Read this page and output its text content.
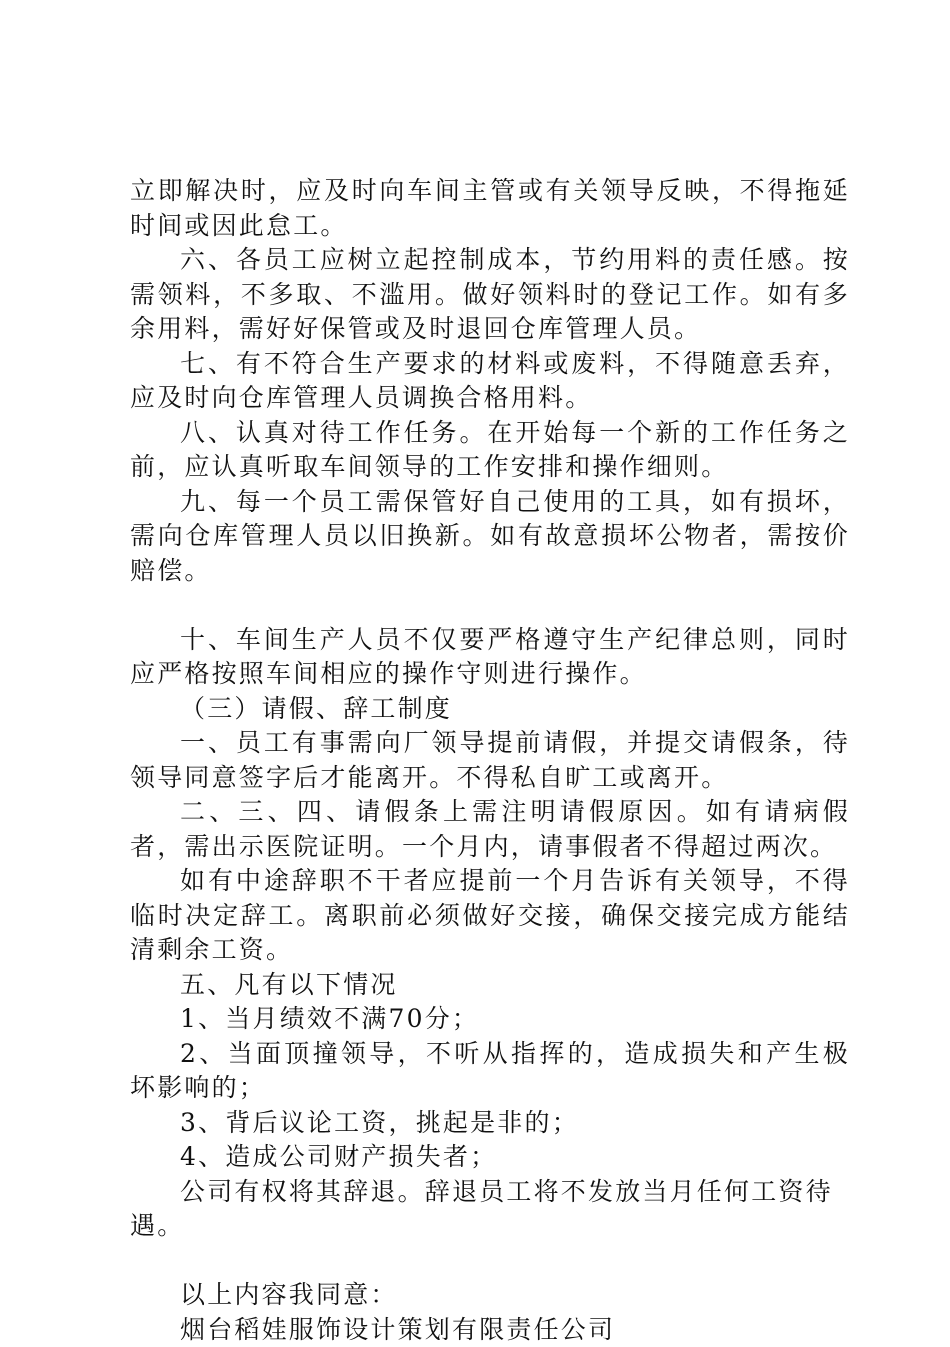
立即解决时，应及时向车间主管或有关领导反映，不得拖延时间或因此怠工。

六、各员工应树立起控制成本，节约用料的责任感。按需领料，不多取、不滥用。做好领料时的登记工作。如有多余用料，需好好保管或及时退回仓库管理人员。

七、有不符合生产要求的材料或废料，不得随意丢弃，应及时向仓库管理人员调换合格用料。

八、认真对待工作任务。在开始每一个新的工作任务之前，应认真听取车间领导的工作安排和操作细则。

九、每一个员工需保管好自己使用的工具，如有损坏，需向仓库管理人员以旧换新。如有故意损坏公物者，需按价赔偿。

十、车间生产人员不仅要严格遵守生产纪律总则，同时应严格按照车间相应的操作守则进行操作。

（三）请假、辞工制度

一、员工有事需向厂领导提前请假，并提交请假条，待领导同意签字后才能离开。不得私自旷工或离开。

二、三、四、请假条上需注明请假原因。如有请病假者，需出示医院证明。一个月内，请事假者不得超过两次。

如有中途辞职不干者应提前一个月告诉有关领导，不得临时决定辞工。离职前必须做好交接，确保交接完成方能结清剩余工资。

五、凡有以下情况

1、当月绩效不满70分；

2、当面顶撞领导，不听从指挥的，造成损失和产生极坏影响的；

3、背后议论工资，挑起是非的；

4、造成公司财产损失者；

公司有权将其辞退。辞退员工将不发放当月任何工资待遇。

以上内容我同意：

烟台稻娃服饰设计策划有限责任公司
